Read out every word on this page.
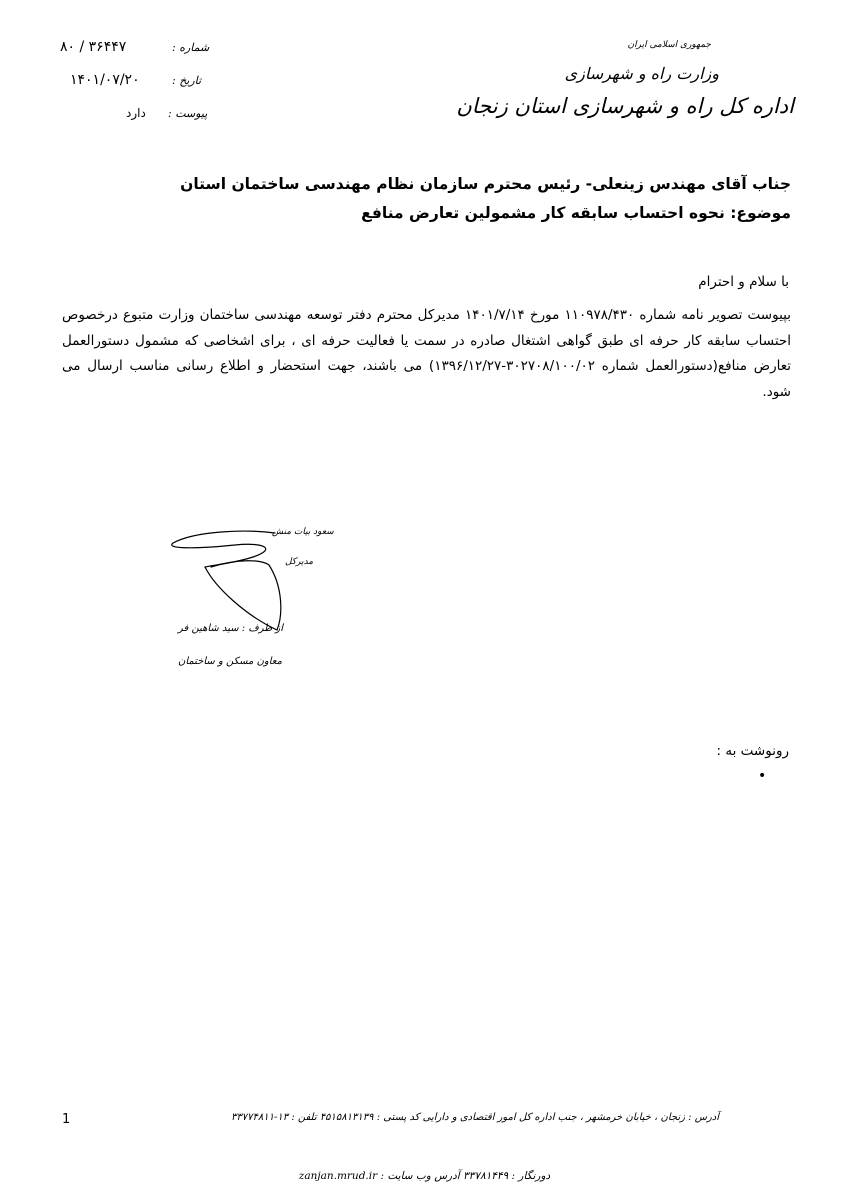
۸۰ / ۳۶۴۴۷	شماره :
۱۴۰۱/۰۷/۲۰	تاریخ :
دارد پیوست :
جمهوری اسلامی ایران
وزارت راه و شهرسازی
اداره کل راه و شهرسازی استان زنجان
جناب آقای مهندس زینعلی- رئیس محترم سازمان نظام مهندسی ساختمان استان
موضوع: نحوه احتساب سابقه کار مشمولین تعارض منافع
با سلام و احترام
بپیوست تصویر نامه شماره ۱۱۰۹۷۸/۴۳۰ مورخ ۱۴۰۱/۷/۱۴ مدیرکل محترم دفتر توسعه مهندسی ساختمان وزارت متبوع درخصوص احتساب سابقه کار حرفه ای طبق گواهی اشتغال صادره در سمت یا فعالیت حرفه ای ، برای اشخاصی که مشمول دستورالعمل تعارض منافع(دستورالعمل شماره ۳۰۲۷۰۸/۱۰۰/۰۲-۱۳۹۶/۱۲/۲۷) می باشند، جهت استحضار و اطلاع رسانی مناسب ارسال می شود.
سعود بیات منش
مدیرکل
از طرف : سید شاهین فر
معاون مسکن و ساختمان
رونوشت به :
•
1	آدرس : زنجان ، خیابان خرمشهر ، جنب اداره کل امور اقتصادی و دارایی کد پستی : ۴۵۱۵۸۱۳۱۳۹ تلفن : ۱۳-۳۳۷۷۴۸۱۱
دورنگار : ۳۳۷۸۱۴۴۹ آدرس وب سایت : zanjan.mrud.ir
